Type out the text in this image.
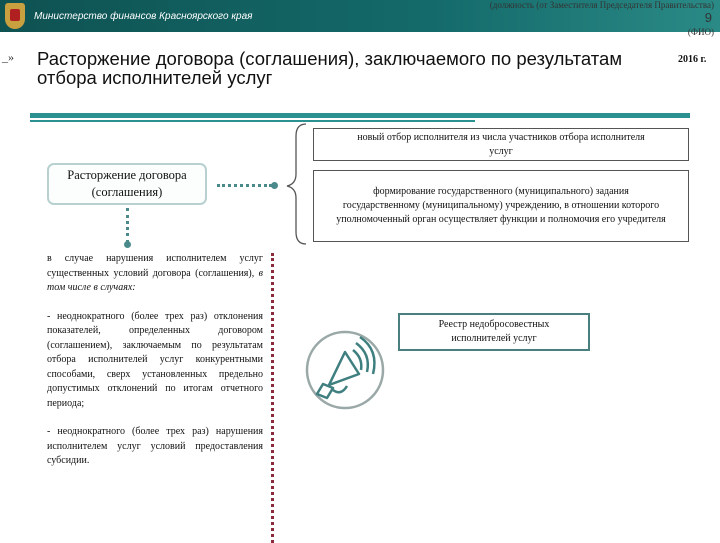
Министерство финансов Красноярского края
(должность (от Заместителя Председателя Правительства)
9
(ФИО)
_» Расторжение договора (соглашения), заключаемого по результатам отбора исполнителей услуг
2016 г.
Расторжение договора (соглашения)
новый отбор исполнителя из числа участников отбора исполнителя услуг
формирование государственного (муниципального) задания государственному (муниципальному) учреждению, в отношении которого уполномоченный орган осуществляет функции и полномочия его учредителя

в случае нарушения исполнителем услуг существенных условий договора (соглашения), в том числе в случаях:

- неоднократного (более трех раз) отклонения показателей, определенных договором (соглашением), заключаемым по результатам отбора исполнителей услуг конкурентными способами, сверх установленных предельно допустимых отклонений по итогам отчетного периода;

- неоднократного (более трех раз) нарушения исполнителем услуг условий предоставления субсидии.

Реестр недобросовестных исполнителей услуг
